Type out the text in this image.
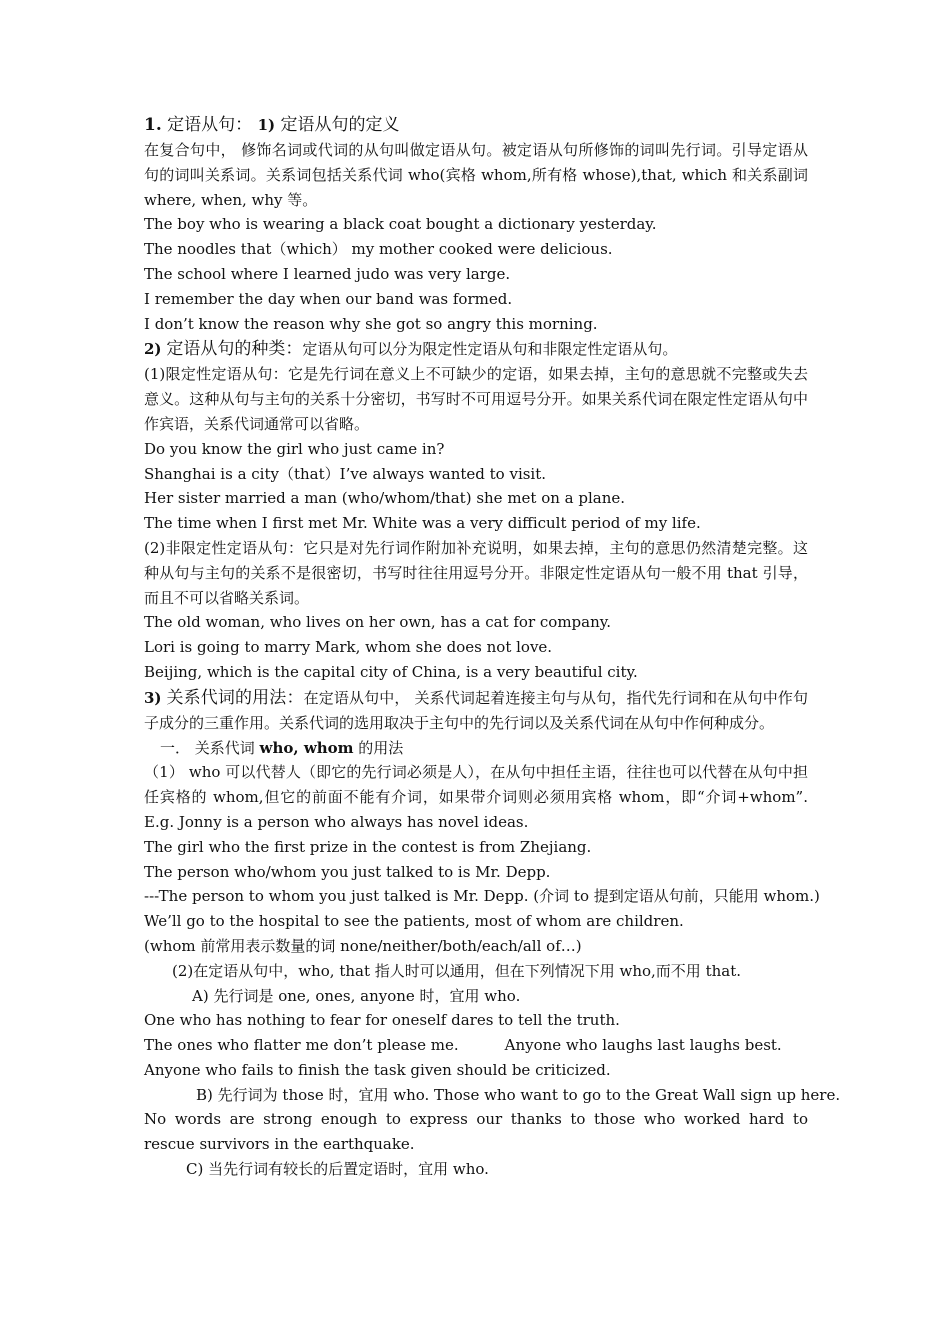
1. 定语从句： 1) 定语从句的定义

在复合句中， 修饰名词或代词的从句叫做定语从句。被定语从句所修饰的词叫先行词。引导定语从句的词叫关系词。关系词包括关系代词 who(宾格 whom,所有格 whose),that, which 和关系副词 where, when, why 等。

The boy who is wearing a black coat bought a dictionary yesterday.

The noodles that（which） my mother cooked were delicious.

The school where I learned judo was very large.

I remember the day when our band was formed.

I don’t know the reason why she got so angry this morning.

2) 定语从句的种类：定语从句可以分为限定性定语从句和非限定性定语从句。

(1)限定性定语从句：它是先行词在意义上不可缺少的定语，如果去掉，主句的意思就不完整或失去意义。这种从句与主句的关系十分密切，书写时不可用逗号分开。如果关系代词在限定性定语从句中作宾语，关系代词通常可以省略。

Do you know the girl who just came in?

Shanghai is a city（that）I’ve always wanted to visit.

Her sister married a man (who/whom/that) she met on a plane.

The time when I first met Mr. White was a very difficult period of my life.

(2)非限定性定语从句：它只是对先行词作附加补充说明，如果去掉，主句的意思仍然清楚完整。这种从句与主句的关系不是很密切，书写时往往用逗号分开。非限定性定语从句一般不用 that 引导，而且不可以省略关系词。

The old woman, who lives on her own, has a cat for company.

Lori is going to marry Mark, whom she does not love.

Beijing, which is the capital city of China, is a very beautiful city.

3) 关系代词的用法：在定语从句中， 关系代词起着连接主句与从句，指代先行词和在从句中作句子成分的三重作用。关系代词的选用取决于主句中的先行词以及关系代词在从句中作何种成分。

一． 关系代词 who, whom 的用法

（1） who 可以代替人（即它的先行词必须是人），在从句中担任主语，往往也可以代替在从句中担任宾格的 whom,但它的前面不能有介词，如果带介词则必须用宾格 whom，即“介词+whom”. E.g. Jonny is a person who always has novel ideas.

The girl who the first prize in the contest is from Zhejiang.

The person who/whom you just talked to is Mr. Depp.

---The person to whom you just talked is Mr. Depp. (介词 to 提到定语从句前，只能用 whom.)

We’ll go to the hospital to see the patients, most of whom are children.

(whom 前常用表示数量的词 none/neither/both/each/all of…)

(2)在定语从句中，who, that 指人时可以通用，但在下列情况下用 who,而不用 that.

A) 先行词是 one, ones, anyone 时，宜用 who.

One who has nothing to fear for oneself dares to tell the truth.

The ones who flatter me don’t please me.	Anyone who laughs last laughs best.

Anyone who fails to finish the task given should be criticized.

B) 先行词为 those 时，宜用 who. Those who want to go to the Great Wall sign up here.

No words are strong enough to express our thanks to those who worked hard to rescue survivors in the earthquake.

C) 当先行词有较长的后置定语时，宜用 who.
